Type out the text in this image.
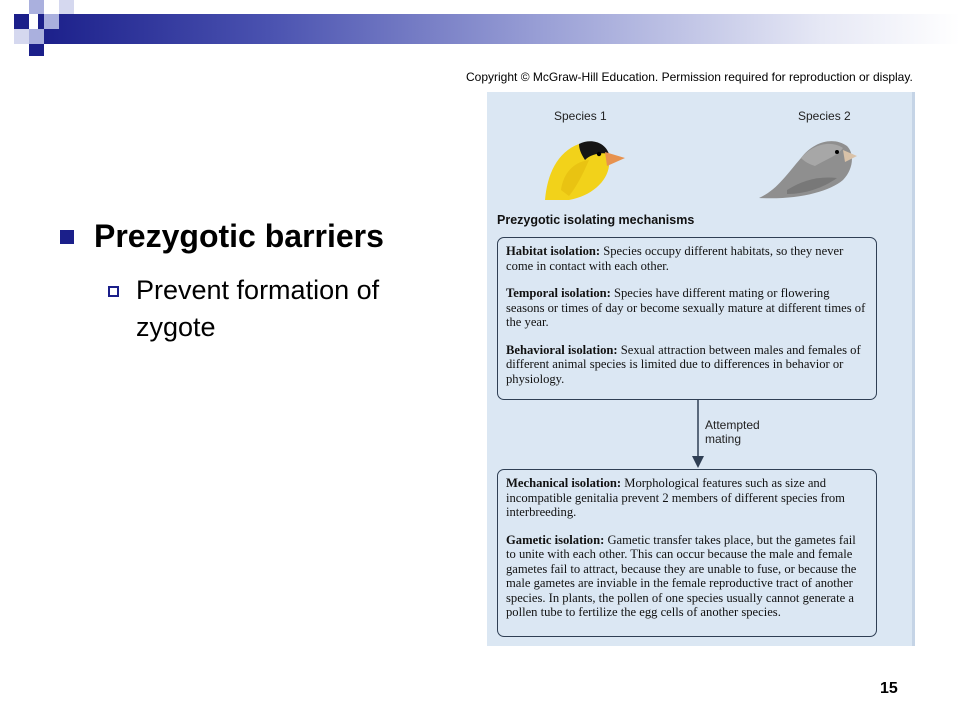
Prezygotic barriers
Prevent formation of zygote
Copyright © McGraw-Hill Education. Permission required for reproduction or display.
Species 1	Species 2
Prezygotic isolating mechanisms

Habitat isolation: Species occupy different habitats, so they never come in contact with each other.

Temporal isolation: Species have different mating or flowering seasons or times of day or become sexually mature at different times of the year.

Behavioral isolation: Sexual attraction between males and females of different animal species is limited due to differences in behavior or physiology.

Attempted
mating

Mechanical isolation: Morphological features such as size and incompatible genitalia prevent 2 members of different species from interbreeding.

Gametic isolation: Gametic transfer takes place, but the gametes fail to unite with each other. This can occur because the male and female gametes fail to attract, because they are unable to fuse, or because the male gametes are inviable in the female reproductive tract of another species. In plants, the pollen of one species usually cannot generate a pollen tube to fertilize the egg cells of another species.

15
